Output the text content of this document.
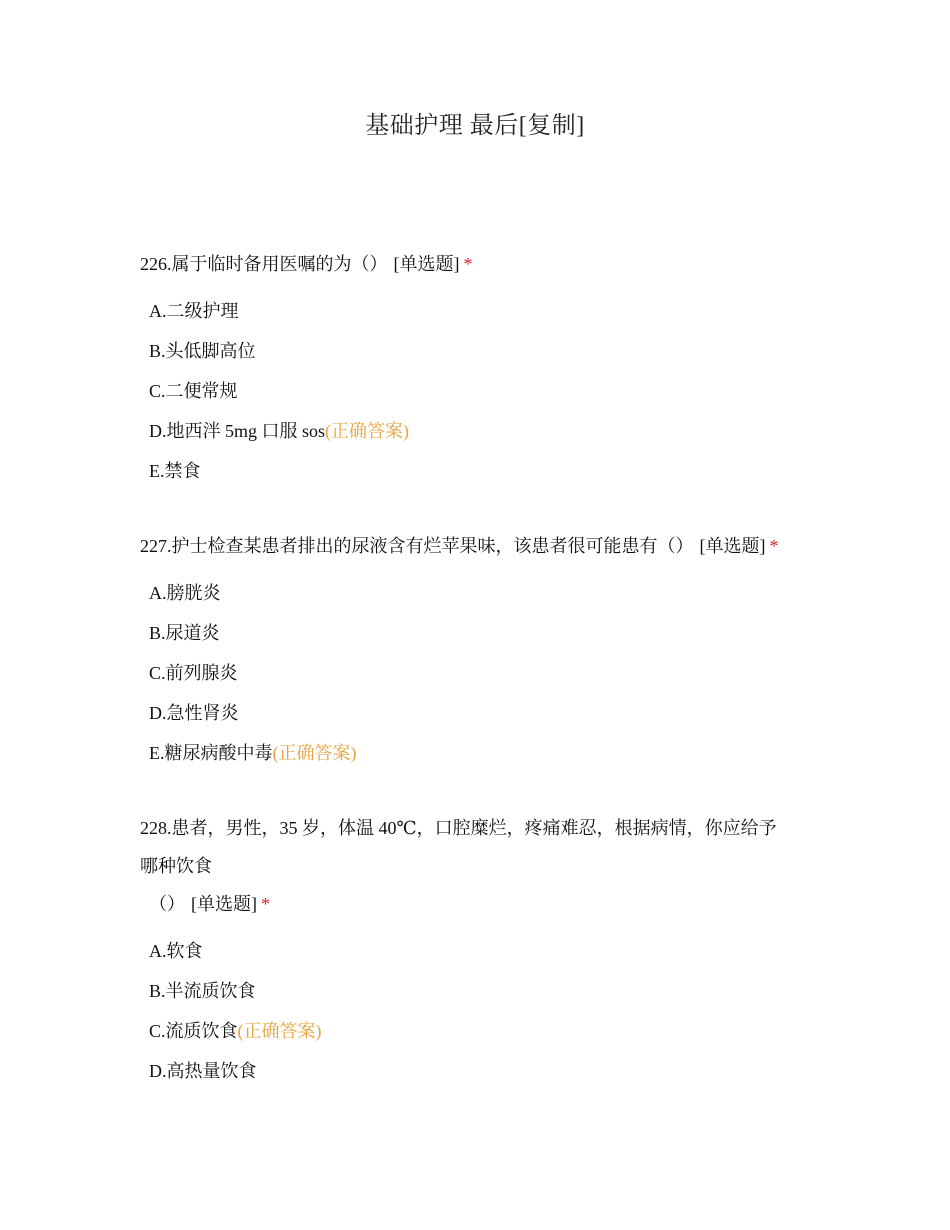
基础护理 最后[复制]
226.属于临时备用医嘱的为（） [单选题] *
A.二级护理
B.头低脚高位
C.二便常规
D.地西泮 5mg 口服 sos(正确答案)
E.禁食
227.护士检查某患者排出的尿液含有烂苹果味，该患者很可能患有（） [单选题] *
A.膀胱炎
B.尿道炎
C.前列腺炎
D.急性肾炎
E.糖尿病酸中毒(正确答案)
228.患者，男性，35 岁，体温 40℃，口腔糜烂，疼痛难忍，根据病情，你应给予
哪种饮食
（） [单选题] *
A.软食
B.半流质饮食
C.流质饮食(正确答案)
D.高热量饮食
